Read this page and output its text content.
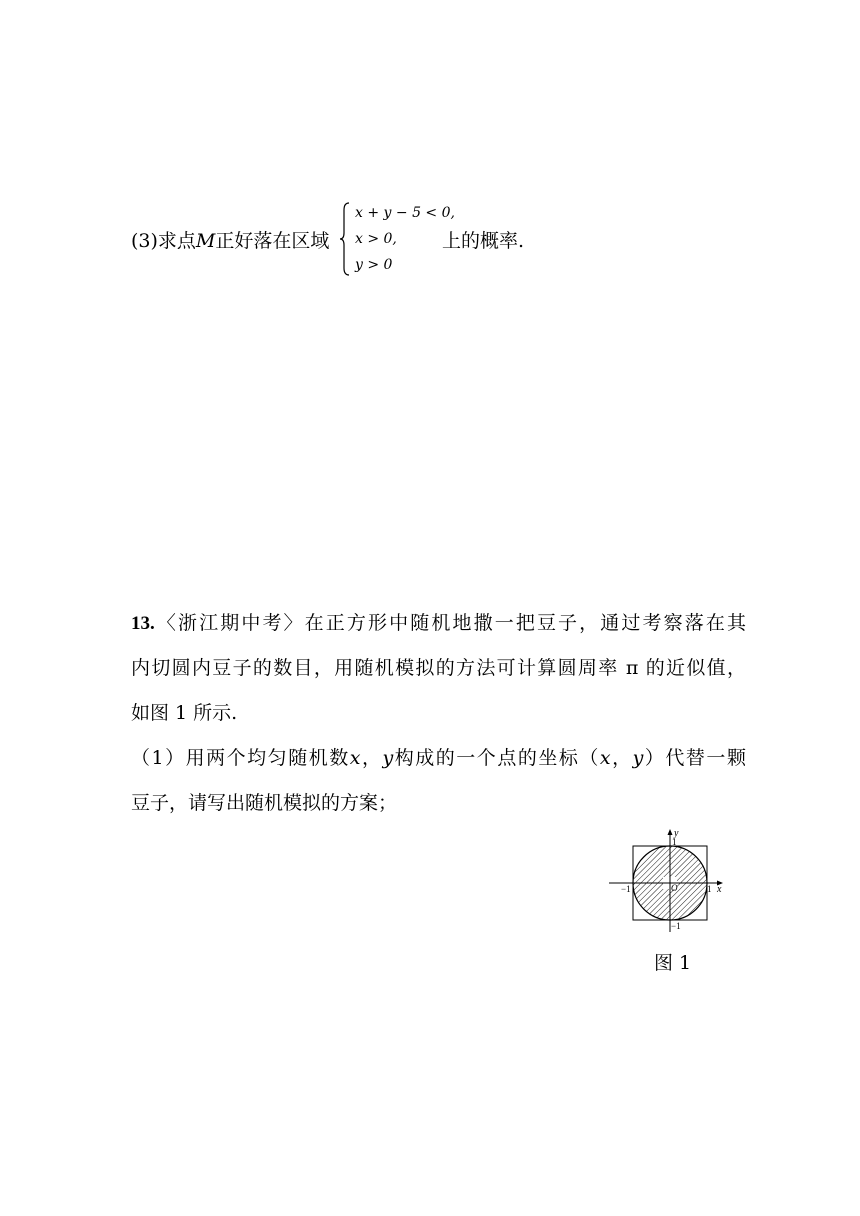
(3)求点M正好落在区域
x + y − 5 < 0,
x > 0,
y > 0
上的概率.
13.〈浙江期中考〉在正方形中随机地撒一把豆子，通过考察落在其
内切圆内豆子的数目，用随机模拟的方法可计算圆周率 π 的近似值，
如图 1 所示.
（1）用两个均匀随机数x，y构成的一个点的坐标（x，y）代替一颗
豆子，请写出随机模拟的方案；
x
y
O	1
−1
1
−1
图 1
